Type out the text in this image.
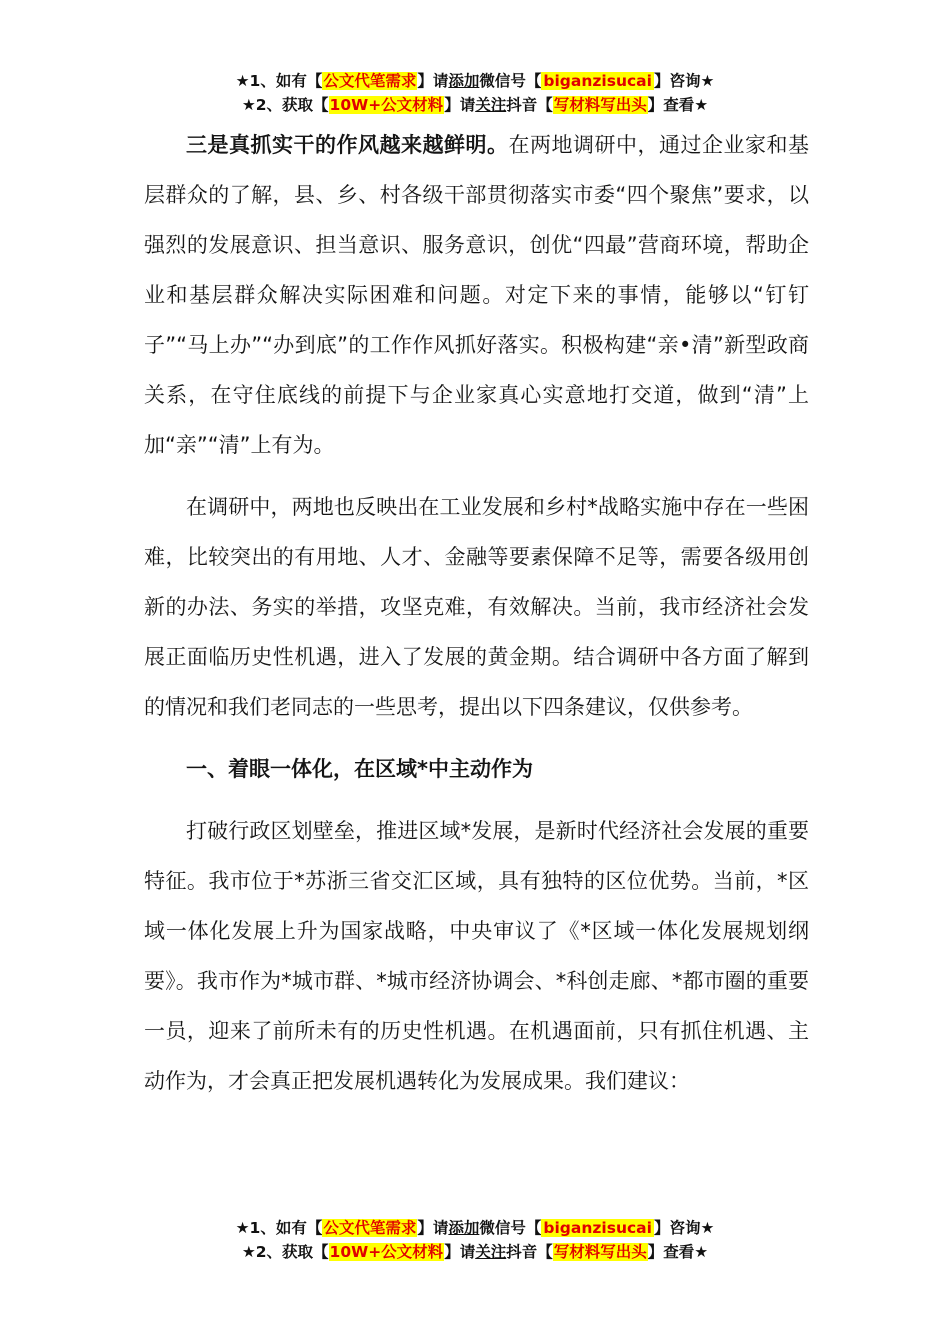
★1、如有【公文代笔需求】请添加微信号【 biganzisucai 】咨询★
★2、获取【10W+公文材料】请关注抖音【写材料写出头】查看★

三是真抓实干的作风越来越鲜明。在两地调研中，通过企业家和基层群众的了解，县、乡、村各级干部贯彻落实市委“四个聚焦”要求，以强烈的发展意识、担当意识、服务意识，创优“四最”营商环境，帮助企业和基层群众解决实际困难和问题。对定下来的事情，能够以“钉钉子”“马上办”“办到底”的工作作风抓好落实。积极构建“亲•清”新型政商关系，在守住底线的前提下与企业家真心实意地打交道，做到“清”上加“亲”“清”上有为。

在调研中，两地也反映出在工业发展和乡村*战略实施中存在一些困难，比较突出的有用地、人才、金融等要素保障不足等，需要各级用创新的办法、务实的举措，攻坚克难，有效解决。当前，我市经济社会发展正面临历史性机遇，进入了发展的黄金期。结合调研中各方面了解到的情况和我们老同志的一些思考，提出以下四条建议，仅供参考。

一、着眼一体化，在区域*中主动作为

打破行政区划壁垒，推进区域*发展，是新时代经济社会发展的重要特征。我市位于*苏浙三省交汇区域，具有独特的区位优势。当前，*区域一体化发展上升为国家战略，中央审议了《*区域一体化发展规划纲要》。我市作为*城市群、*城市经济协调会、*科创走廊、*都市圈的重要一员，迎来了前所未有的历史性机遇。在机遇面前，只有抓住机遇、主动作为，才会真正把发展机遇转化为发展成果。我们建议：

★1、如有【公文代笔需求】请添加微信号【 biganzisucai 】咨询★
★2、获取【10W+公文材料】请关注抖音【写材料写出头】查看★
